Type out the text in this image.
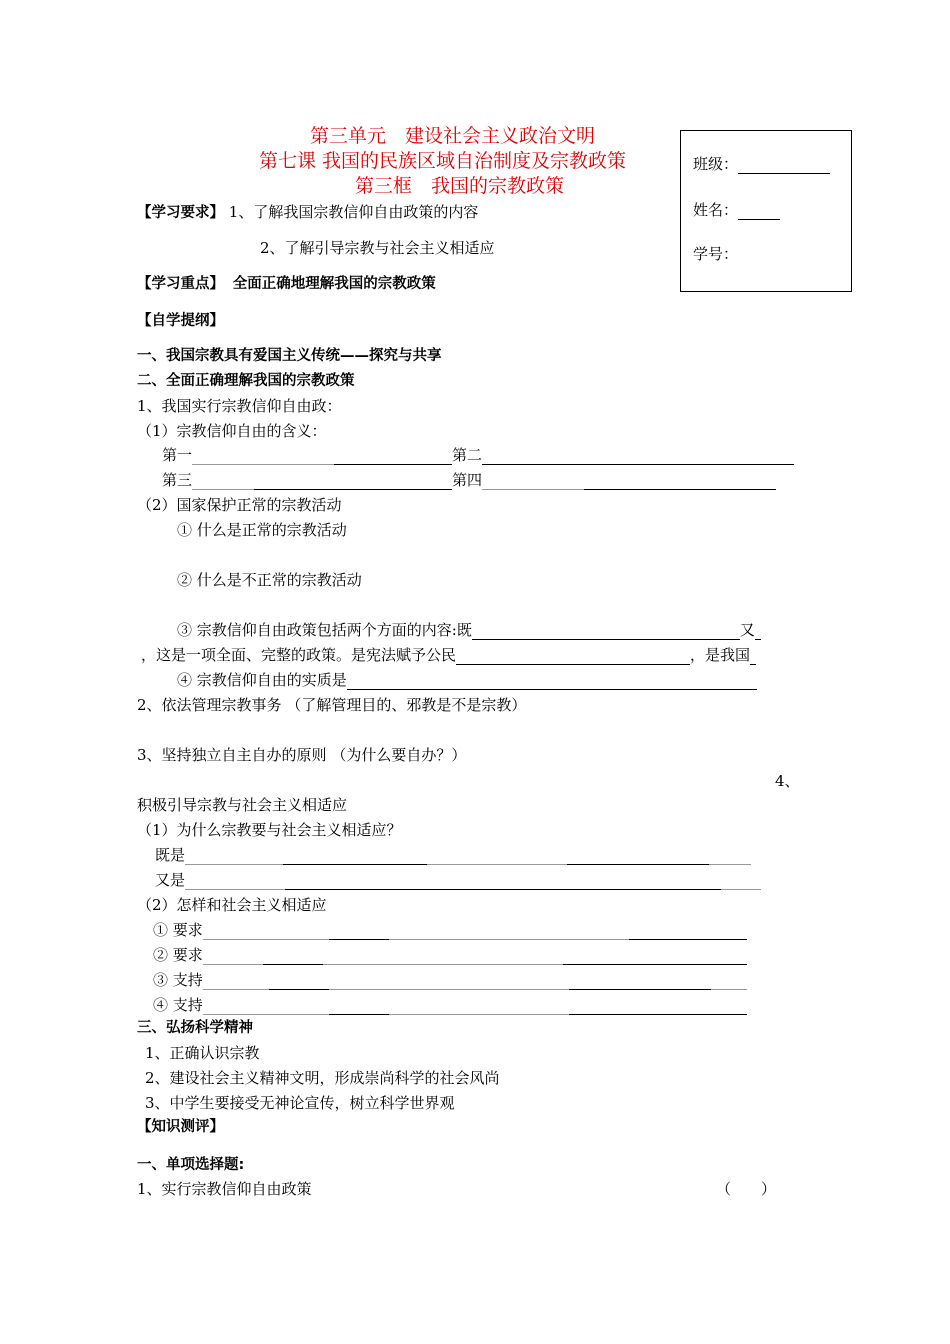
第三单元　建设社会主义政治文明
第七课 我国的民族区域自治制度及宗教政策
第三框　我国的宗教政策
班级：
姓名：
学号：
【学习要求】 1、了解我国宗教信仰自由政策的内容
2、了解引导宗教与社会主义相适应
【学习重点】 全面正确地理解我国的宗教政策
【自学提纲】
一、我国宗教具有爱国主义传统——探究与共享
二、全面正确理解我国的宗教政策
1、我国实行宗教信仰自由政：
（1）宗教信仰自由的含义：
第一	第二
第三	第四
（2）国家保护正常的宗教活动
① 什么是正常的宗教活动
② 什么是不正常的宗教活动
③ 宗教信仰自由政策包括两个方面的内容:既	又
，这是一项全面、完整的政策。是宪法赋予公民	，是我国
④ 宗教信仰自由的实质是
2、依法管理宗教事务 （了解管理目的、邪教是不是宗教）
3、坚持独立自主自办的原则 （为什么要自办？）
4、
积极引导宗教与社会主义相适应
（1）为什么宗教要与社会主义相适应？
既是
又是
（2）怎样和社会主义相适应
① 要求
② 要求
③ 支持
④ 支持
三、弘扬科学精神
1、正确认识宗教
2、建设社会主义精神文明，形成崇尚科学的社会风尚
3、中学生要接受无神论宣传，树立科学世界观
【知识测评】
一、单项选择题:
1、实行宗教信仰自由政策	（　　）
